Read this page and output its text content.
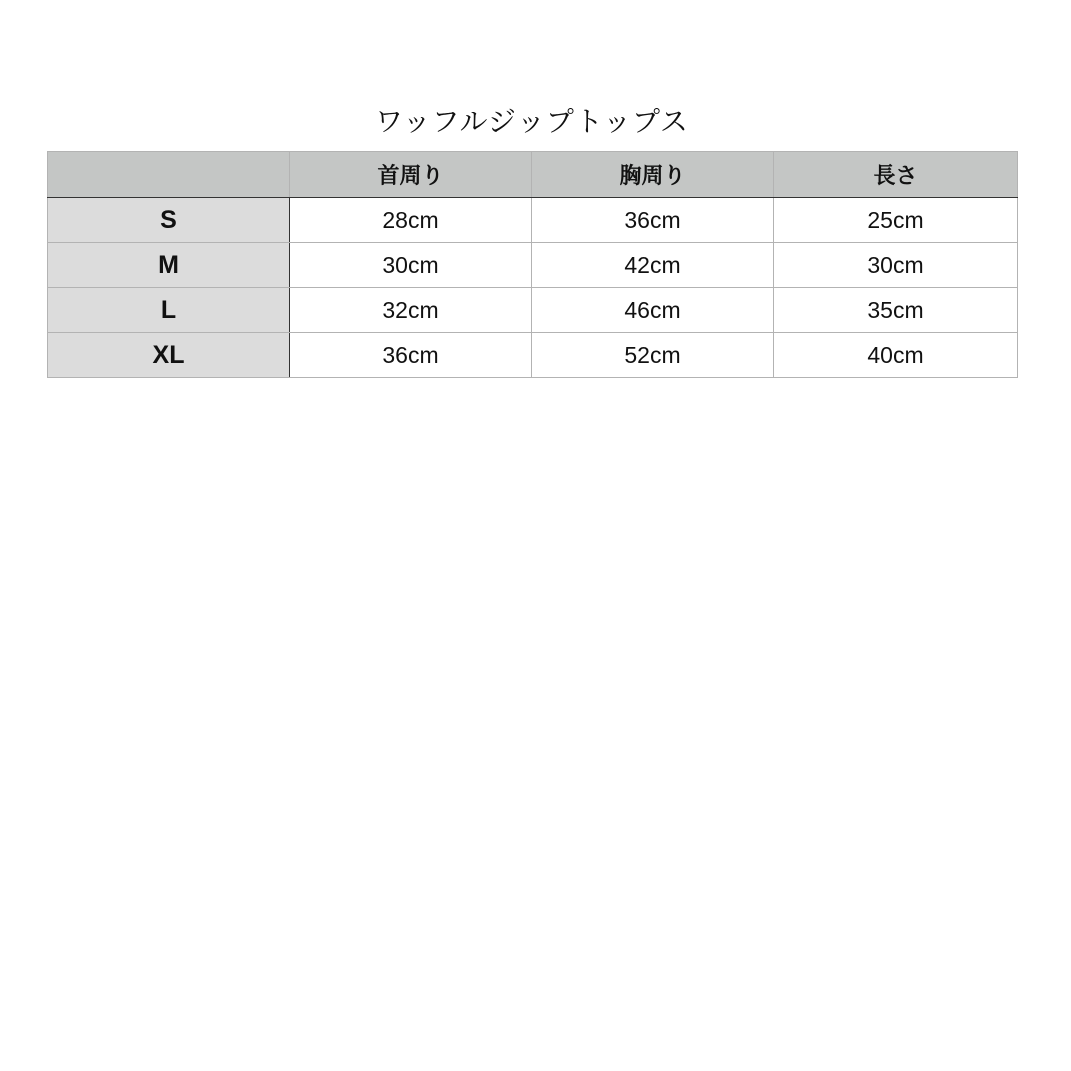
ワッフルジップトップス
	首周り	胸周り	長さ
S	28cm	36cm	25cm
M	30cm	42cm	30cm
L	32cm	46cm	35cm
XL	36cm	52cm	40cm
